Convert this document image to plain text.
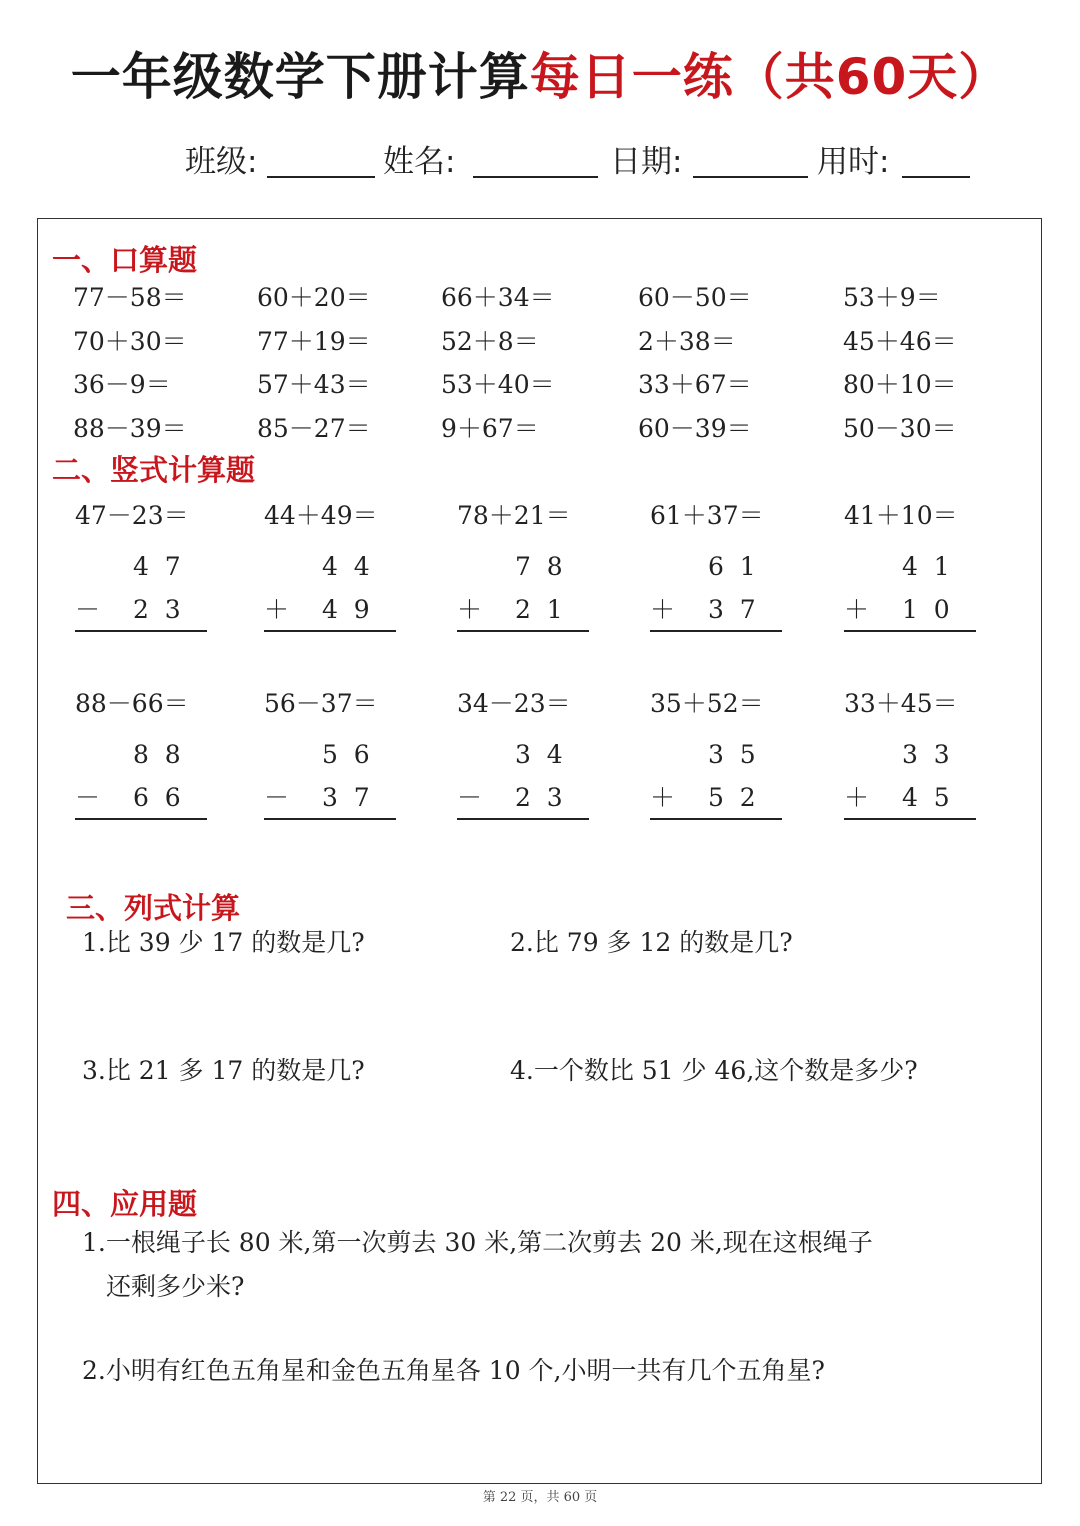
一年级数学下册计算每日一练（共60天）
班级:	姓名:	日期:	用时:
一、口算题
77－58＝	60＋20＝	66＋34＝	60－50＝	53＋9＝
70＋30＝	77＋19＝	52＋8＝	2＋38＝	45＋46＝
36－9＝	57＋43＝	53＋40＝	33＋67＝	80＋10＝
88－39＝	85－27＝	9＋67＝	60－39＝	50－30＝
二、竖式计算题
47－23＝
4  7
－ 2  3
44＋49＝
4  4
＋ 4  9
78＋21＝
7  8
＋ 2  1
61＋37＝
6  1
＋ 3  7
41＋10＝
4  1
＋ 1  0
88－66＝
8  8
－ 6  6
56－37＝
5  6
－ 3  7
34－23＝
3  4
－ 2  3
35＋52＝
3  5
＋ 5  2
33＋45＝
3  3
＋ 4  5
三、列式计算
1.比 39 少 17 的数是几?	2.比 79 多 12 的数是几?
3.比 21 多 17 的数是几?	4.一个数比 51 少 46,这个数是多少?
四、应用题
1.一根绳子长 80 米,第一次剪去 30 米,第二次剪去 20 米,现在这根绳子
还剩多少米?
2.小明有红色五角星和金色五角星各 10 个,小明一共有几个五角星?
第 22 页，共 60 页
